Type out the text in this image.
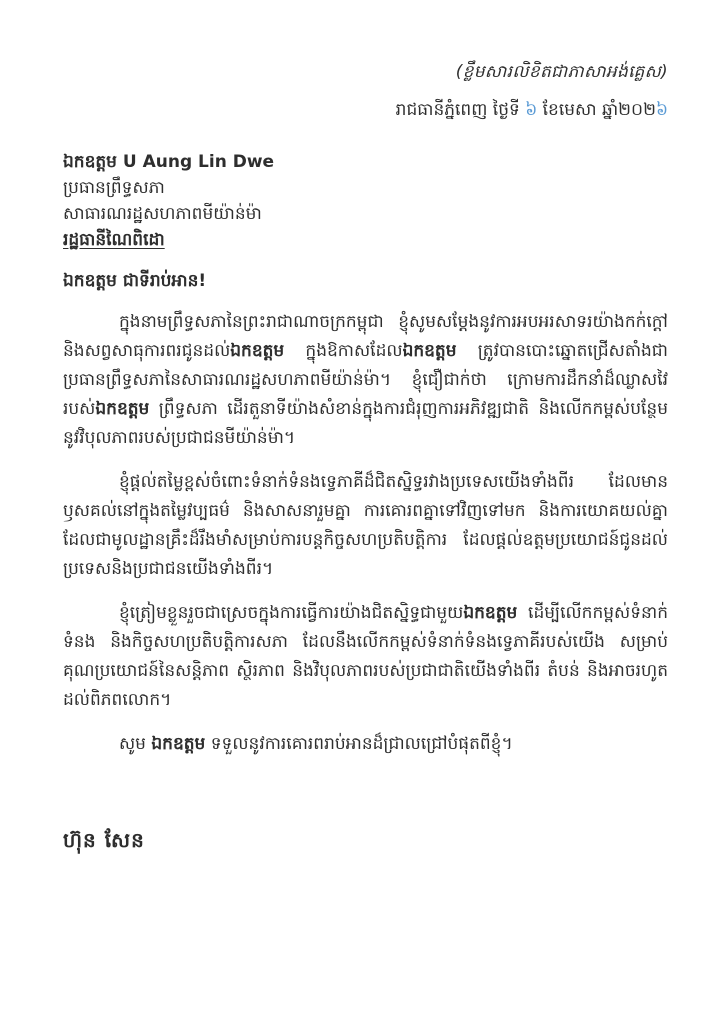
(ខ្លឹមសារលិខិតជាភាសាអង់គ្លេស)
រាជធានីភ្នំពេញ ថ្ងៃទី ៦ ខែមេសា ឆ្នាំ២០២៦
ឯកឧត្តម U Aung Lin Dwe
ប្រធានព្រឹទ្ធសភា
សាធារណរដ្ឋសហភាពមីយ៉ាន់ម៉ា
រដ្ឋធានីណៃពិដោ
ឯកឧត្តម ជាទីរាប់អាន!

ក្នុងនាមព្រឹទ្ធសភានៃព្រះរាជាណាចក្រកម្ពុជា ខ្ញុំសូមសម្ដែងនូវការអបអរសាទរយ៉ាងកក់ក្ដៅ និងសព្វសាធុការពរជូនដល់ឯកឧត្តម ក្នុងឱកាសដែលឯកឧត្តម ត្រូវបានបោះឆ្នោតជ្រើសតាំងជាប្រធានព្រឹទ្ធសភានៃសាធារណរដ្ឋសហភាពមីយ៉ាន់ម៉ា។ ខ្ញុំជឿជាក់ថា ក្រោមការដឹកនាំដ៏ឈ្លាសវៃរបស់ឯកឧត្តម ព្រឹទ្ធសភា ដើរតួនាទីយ៉ាងសំខាន់ក្នុងការជំរុញការអភិវឌ្ឍជាតិ និងលើកកម្ពស់បន្ថែមនូវវិបុលភាពរបស់ប្រជាជនមីយ៉ាន់ម៉ា។

ខ្ញុំផ្ដល់តម្លៃខ្ពស់ចំពោះទំនាក់ទំនងទ្វេភាគីដ៏ជិតស្និទ្ធរវាងប្រទេសយើងទាំងពីរ ដែលមានឫសគល់នៅក្នុងតម្លៃវប្បធម៌ និងសាសនារួមគ្នា ការគោរពគ្នាទៅវិញទៅមក និងការយោគយល់គ្នា ដែលជាមូលដ្ឋានគ្រឹះដ៏រឹងមាំសម្រាប់ការបន្តកិច្ចសហប្រតិបត្តិការ ដែលផ្ដល់ឧត្តមប្រយោជន៍ជូនដល់ប្រទេសនិងប្រជាជនយើងទាំងពីរ។

ខ្ញុំត្រៀមខ្លួនរួចជាស្រេចក្នុងការធ្វើការយ៉ាងជិតស្និទ្ធជាមួយឯកឧត្តម ដើម្បីលើកកម្ពស់ទំនាក់ទំនង និងកិច្ចសហប្រតិបត្តិការសភា ដែលនឹងលើកកម្ពស់ទំនាក់ទំនងទ្វេភាគីរបស់យើង សម្រាប់គុណប្រយោជន៍នៃសន្តិភាព ស្ថិរភាព និងវិបុលភាពរបស់ប្រជាជាតិយើងទាំងពីរ តំបន់ និងអាចរហូតដល់ពិភពលោក។

សូម ឯកឧត្តម ទទួលនូវការគោរពរាប់អានដ៏ជ្រាលជ្រៅបំផុតពីខ្ញុំ។

ហ៊ុន សែន
